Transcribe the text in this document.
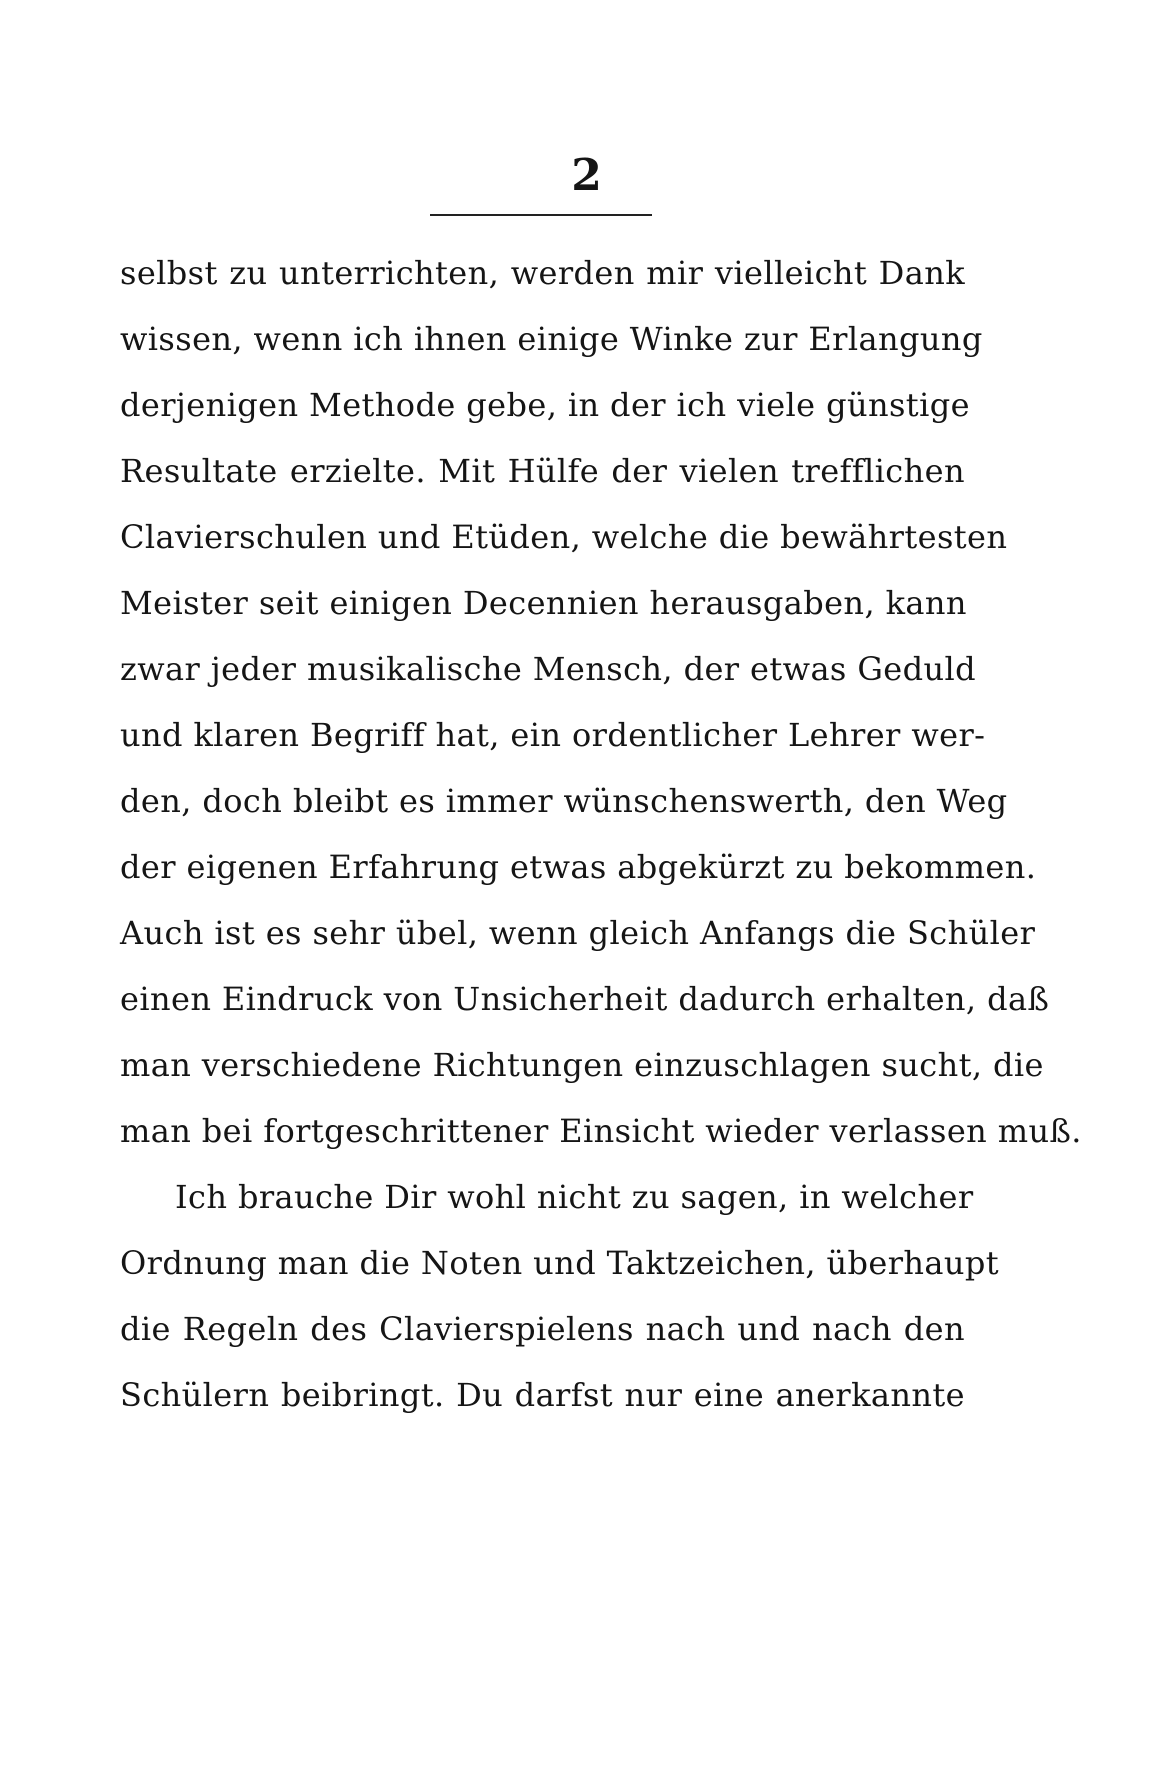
2
selbst zu unterrichten, werden mir vielleicht Dank
wissen, wenn ich ihnen einige Winke zur Erlangung
derjenigen Methode gebe, in der ich viele günstige
Resultate erzielte. Mit Hülfe der vielen trefflichen
Clavierschulen und Etüden, welche die bewährtesten
Meister seit einigen Decennien herausgaben, kann
zwar jeder musikalische Mensch, der etwas Geduld
und klaren Begriff hat, ein ordentlicher Lehrer wer-
den, doch bleibt es immer wünschenswerth, den Weg
der eigenen Erfahrung etwas abgekürzt zu bekommen.
Auch ist es sehr übel, wenn gleich Anfangs die Schüler
einen Eindruck von Unsicherheit dadurch erhalten, daß
man verschiedene Richtungen einzuschlagen sucht, die
man bei fortgeschrittener Einsicht wieder verlassen muß.
Ich brauche Dir wohl nicht zu sagen, in welcher
Ordnung man die Noten und Taktzeichen, überhaupt
die Regeln des Clavierspielens nach und nach den
Schülern beibringt. Du darfst nur eine anerkannte
